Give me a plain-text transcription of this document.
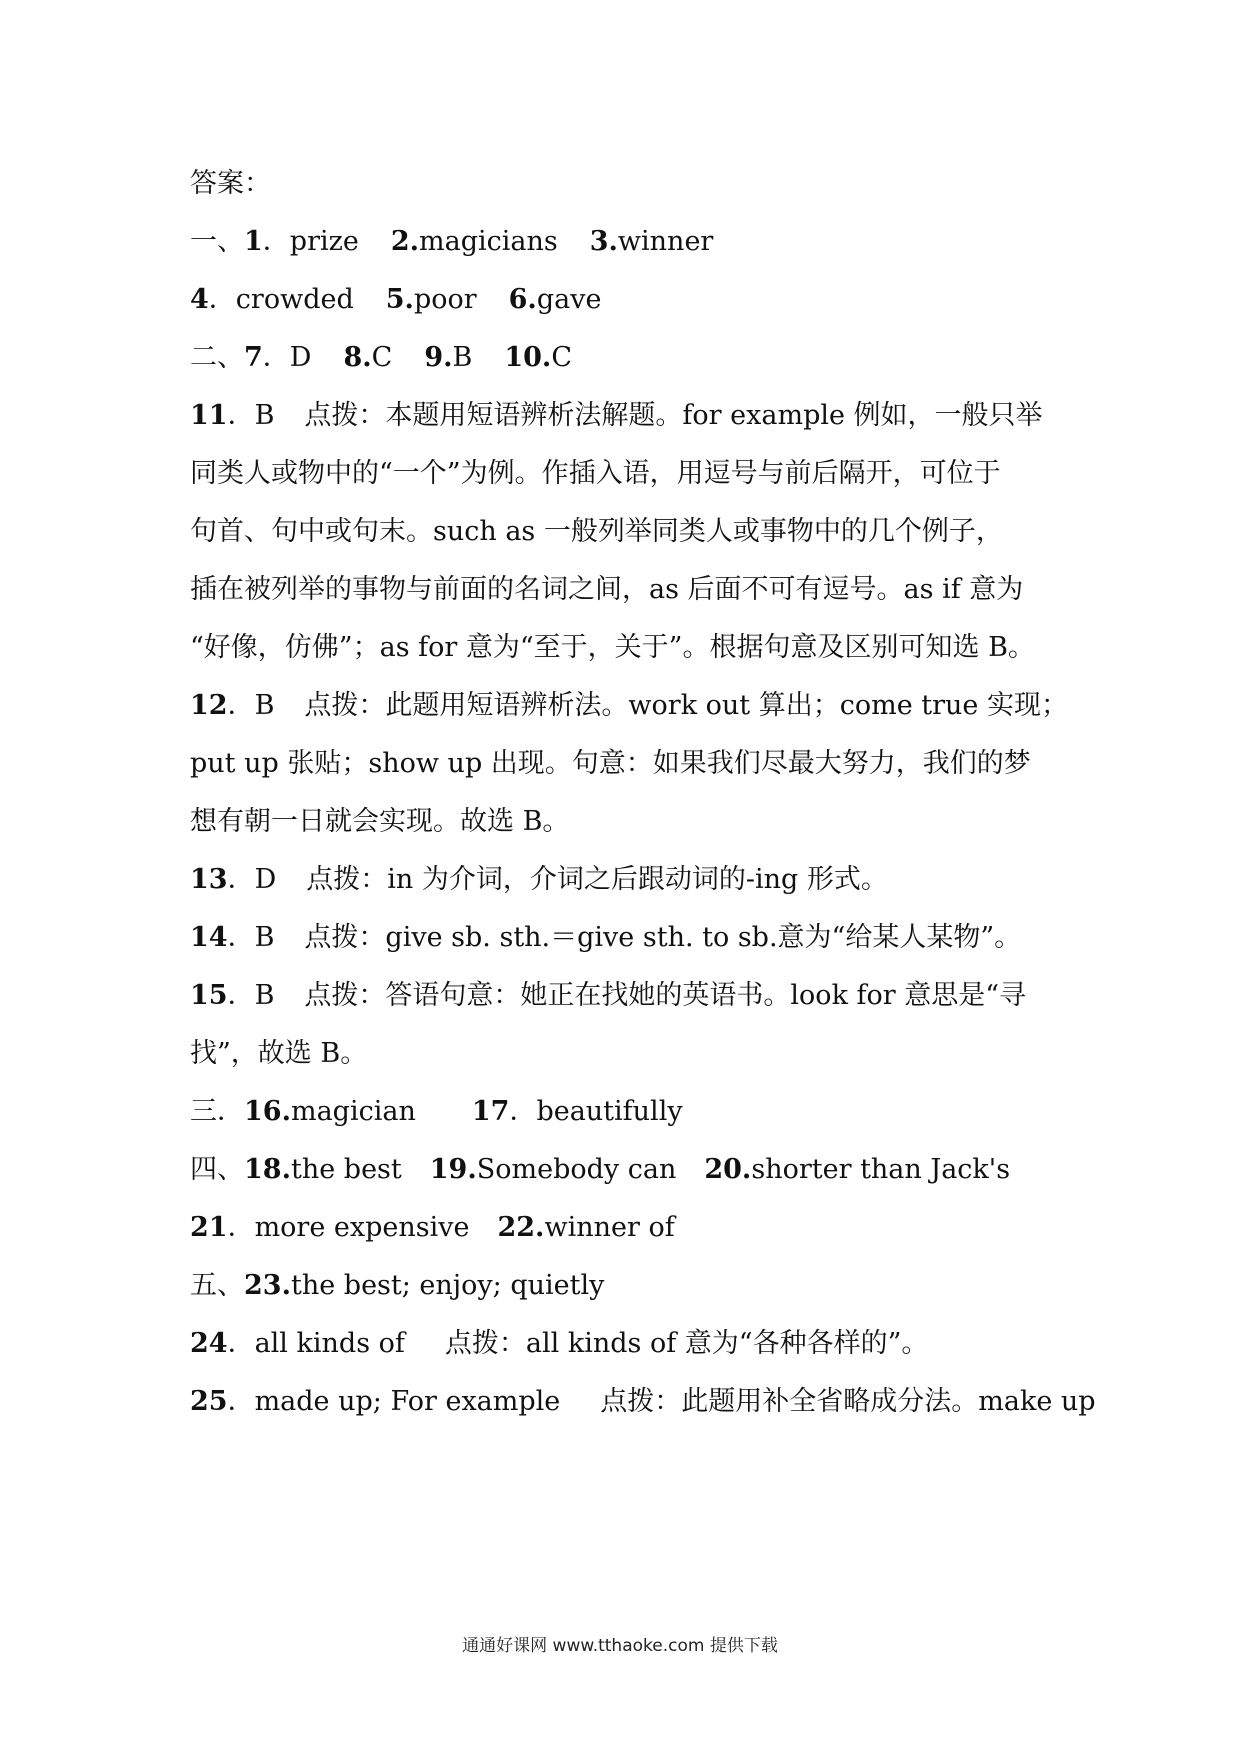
答案：
一、1．prize 2.magicians 3.winner
4．crowded 5.poor 6.gave
二、7．D 8.C 9.B 10.C
11．B 点拨：本题用短语辨析法解题。for example 例如，一般只举
同类人或物中的“一个”为例。作插入语，用逗号与前后隔开，可位于
句首、句中或句末。such as 一般列举同类人或事物中的几个例子，
插在被列举的事物与前面的名词之间，as 后面不可有逗号。as if 意为
“好像，仿佛”；as for 意为“至于，关于”。根据句意及区别可知选 B。
12．B 点拨：此题用短语辨析法。work out 算出；come true 实现；
put up 张贴；show up 出现。句意：如果我们尽最大努力，我们的梦
想有朝一日就会实现。故选 B。
13．D 点拨：in 为介词，介词之后跟动词的-ing 形式。
14．B 点拨：give sb. sth.＝give sth. to sb.意为“给某人某物”。
15．B 点拨：答语句意：她正在找她的英语书。look for 意思是“寻
找”，故选 B。
三．16.magician 17．beautifully
四、18.the best 19.Somebody can 20.shorter than Jack's
21．more expensive 22.winner of
五、23.the best; enjoy; quietly
24．all kinds of 点拨：all kinds of 意为“各种各样的”。
25．made up; For example 点拨：此题用补全省略成分法。make up
通通好课网 www.tthaoke.com 提供下载
